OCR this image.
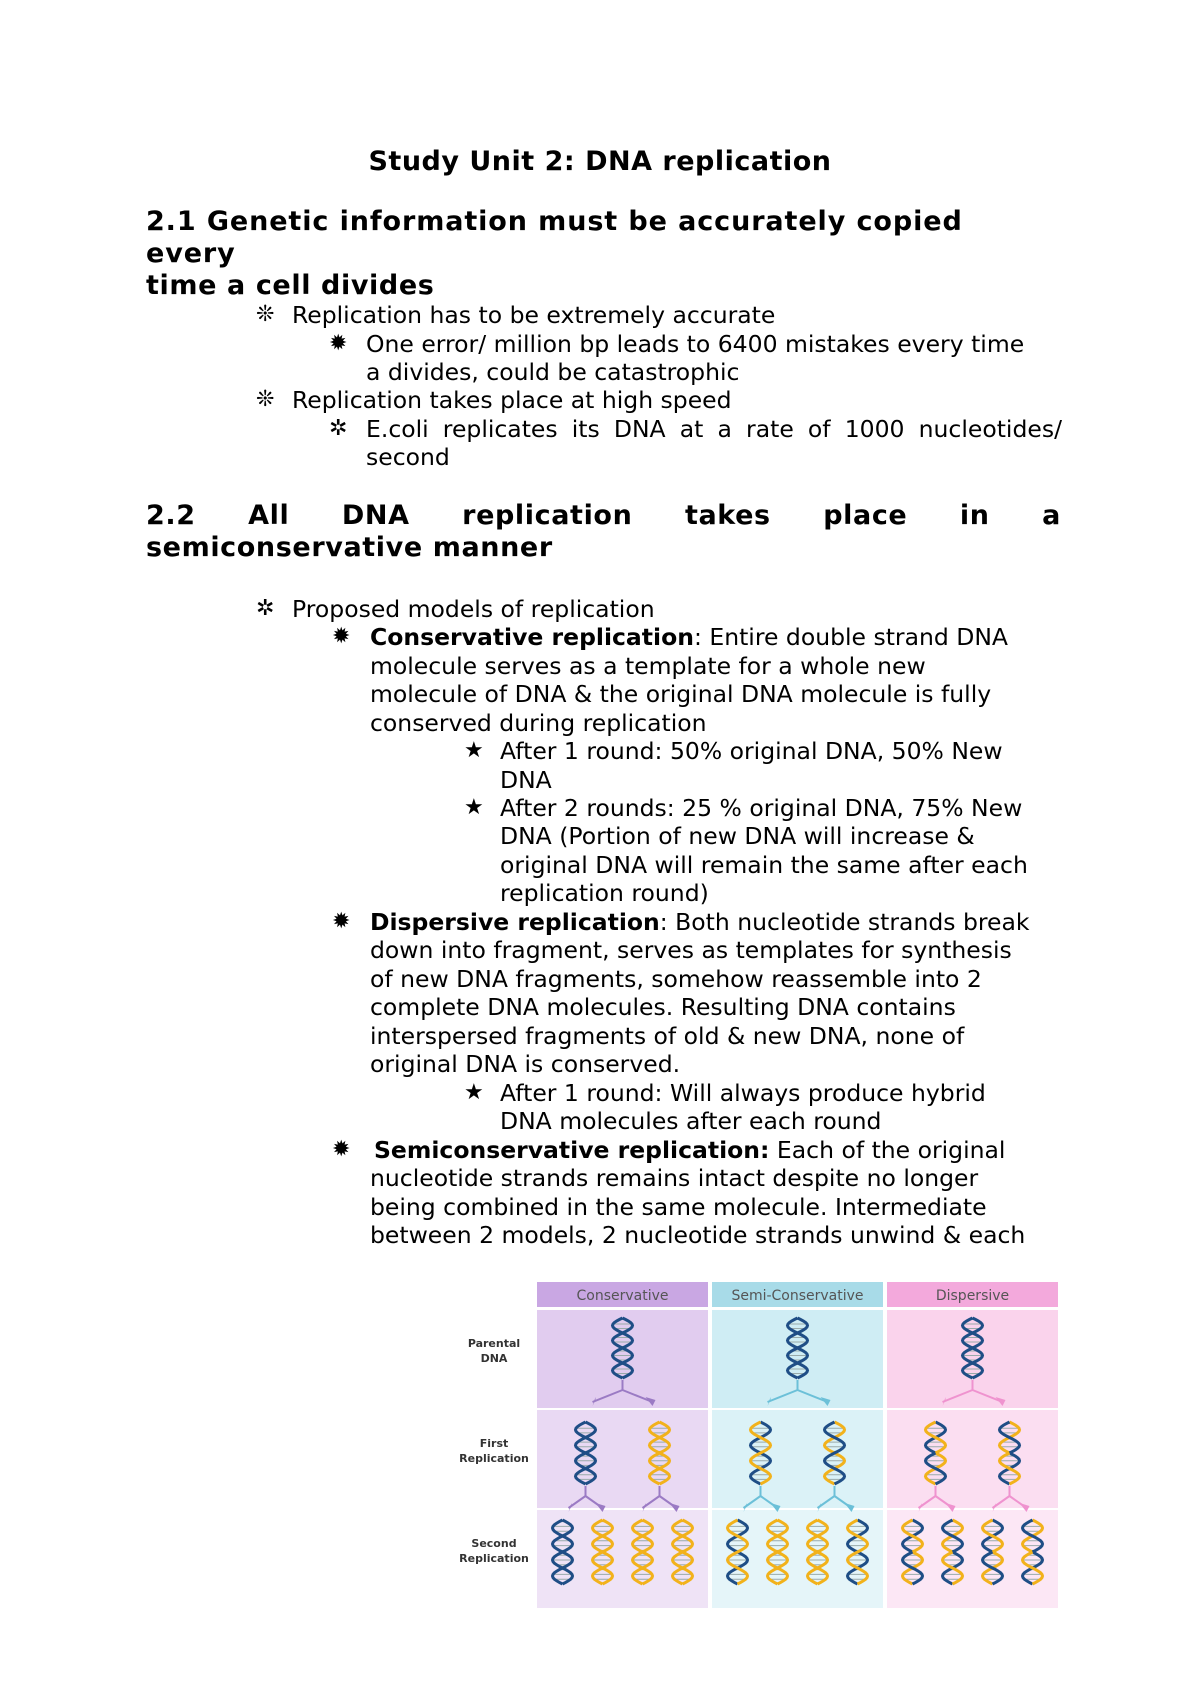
Study Unit 2: DNA replication
2.1 Genetic information must be accurately copied every
time a cell divides
❊ Replication has to be extremely accurate
✹ One error/ million bp leads to 6400 mistakes every time
a divides, could be catastrophic
❊ Replication takes place at high speed
✲ E.coli replicates its DNA at a rate of 1000 nucleotides/
second
2.2 All DNA replication takes place in a
semiconservative manner
✲ Proposed models of replication
✹ Conservative replication: Entire double strand DNA
molecule serves as a template for a whole new
molecule of DNA & the original DNA molecule is fully
conserved during replication
★ After 1 round: 50% original DNA, 50% New
DNA
★ After 2 rounds: 25 % original DNA, 75% New
DNA (Portion of new DNA will increase &
original DNA will remain the same after each
replication round)
✹ Dispersive replication: Both nucleotide strands break
down into fragment, serves as templates for synthesis
of new DNA fragments, somehow reassemble into 2
complete DNA molecules. Resulting DNA contains
interspersed fragments of old & new DNA, none of
original DNA is conserved.
★ After 1 round: Will always produce hybrid
DNA molecules after each round
✹ Semiconservative replication: Each of the original
nucleotide strands remains intact despite no longer
being combined in the same molecule. Intermediate
between 2 models, 2 nucleotide strands unwind & each
Conservative	Semi-Conservative	Dispersive
Parental
DNA
First
Replication
Second
Replication
